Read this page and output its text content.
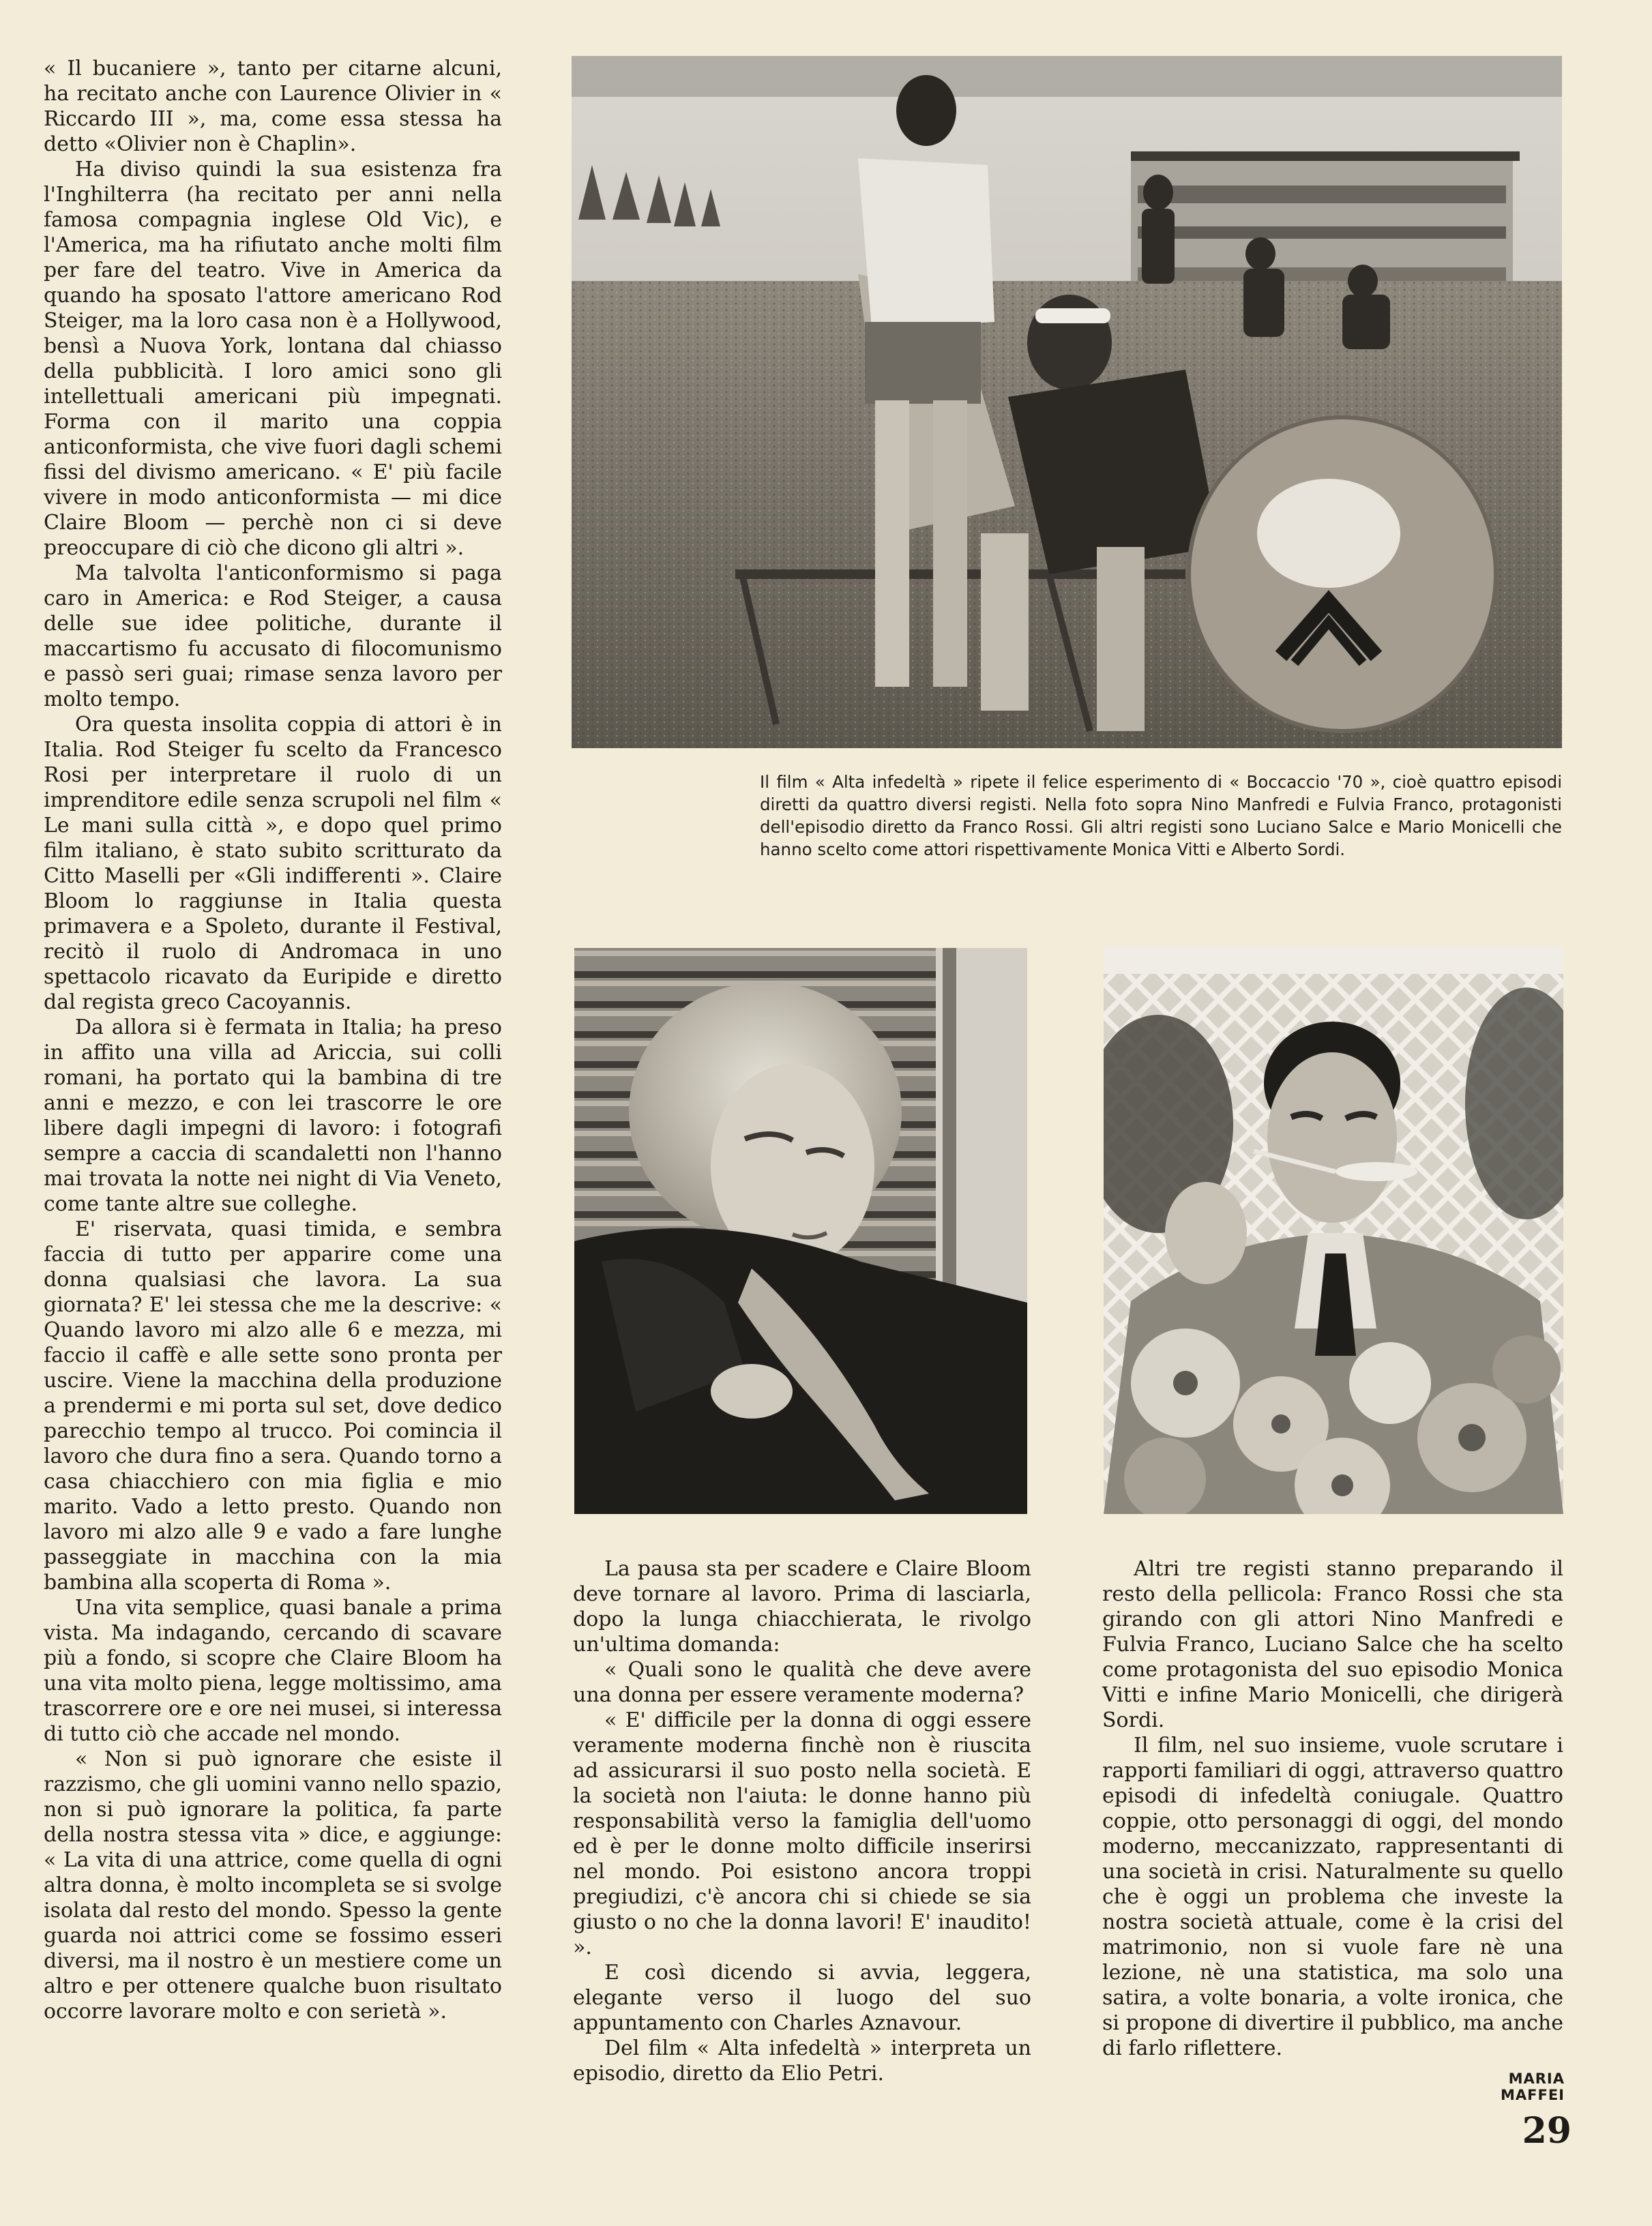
« Il bucaniere », tanto per citarne alcuni, ha recitato anche con Laurence Olivier in « Riccardo III », ma, come essa stessa ha detto «Olivier non è Chaplin».

Ha diviso quindi la sua esistenza fra l'Inghilterra (ha recitato per anni nella famosa compagnia inglese Old Vic), e l'America, ma ha rifiutato anche molti film per fare del teatro. Vive in America da quando ha sposato l'attore americano Rod Steiger, ma la loro casa non è a Hollywood, bensì a Nuova York, lontana dal chiasso della pubblicità. I loro amici sono gli intellettuali americani più impegnati. Forma con il marito una coppia anticonformista, che vive fuori dagli schemi fissi del divismo americano. « E' più facile vivere in modo anticonformista — mi dice Claire Bloom — perchè non ci si deve preoccupare di ciò che dicono gli altri ».

Ma talvolta l'anticonformismo si paga caro in America: e Rod Steiger, a causa delle sue idee politiche, durante il maccartismo fu accusato di filocomunismo e passò seri guai; rimase senza lavoro per molto tempo.

Ora questa insolita coppia di attori è in Italia. Rod Steiger fu scelto da Francesco Rosi per interpretare il ruolo di un imprenditore edile senza scrupoli nel film « Le mani sulla città », e dopo quel primo film italiano, è stato subito scritturato da Citto Maselli per «Gli indifferenti ». Claire Bloom lo raggiunse in Italia questa primavera e a Spoleto, durante il Festival, recitò il ruolo di Andromaca in uno spettacolo ricavato da Euripide e diretto dal regista greco Cacoyannis.

Da allora si è fermata in Italia; ha preso in affito una villa ad Ariccia, sui colli romani, ha portato qui la bambina di tre anni e mezzo, e con lei trascorre le ore libere dagli impegni di lavoro: i fotografi sempre a caccia di scandaletti non l'hanno mai trovata la notte nei night di Via Veneto, come tante altre sue colleghe.

E' riservata, quasi timida, e sembra faccia di tutto per apparire come una donna qualsiasi che lavora. La sua giornata? E' lei stessa che me la descrive: « Quando lavoro mi alzo alle 6 e mezza, mi faccio il caffè e alle sette sono pronta per uscire. Viene la macchina della produzione a prendermi e mi porta sul set, dove dedico parecchio tempo al trucco. Poi comincia il lavoro che dura fino a sera. Quando torno a casa chiacchiero con mia figlia e mio marito. Vado a letto presto. Quando non lavoro mi alzo alle 9 e vado a fare lunghe passeggiate in macchina con la mia bambina alla scoperta di Roma ».

Una vita semplice, quasi banale a prima vista. Ma indagando, cercando di scavare più a fondo, si scopre che Claire Bloom ha una vita molto piena, legge moltissimo, ama trascorrere ore e ore nei musei, si interessa di tutto ciò che accade nel mondo.

« Non si può ignorare che esiste il razzismo, che gli uomini vanno nello spazio, non si può ignorare la politica, fa parte della nostra stessa vita » dice, e aggiunge: « La vita di una attrice, come quella di ogni altra donna, è molto incompleta se si svolge isolata dal resto del mondo. Spesso la gente guarda noi attrici come se fossimo esseri diversi, ma il nostro è un mestiere come un altro e per ottenere qualche buon risultato occorre lavorare molto e con serietà ».

Il film « Alta infedeltà » ripete il felice esperimento di « Boccaccio '70 », cioè quattro episodi diretti da quattro diversi registi. Nella foto sopra Nino Manfredi e Fulvia Franco, protagonisti dell'episodio diretto da Franco Rossi. Gli altri registi sono Luciano Salce e Mario Monicelli che hanno scelto come attori rispettivamente Monica Vitti e Alberto Sordi.

La pausa sta per scadere e Claire Bloom deve tornare al lavoro. Prima di lasciarla, dopo la lunga chiacchierata, le rivolgo un'ultima domanda:

« Quali sono le qualità che deve avere una donna per essere veramente moderna?

« E' difficile per la donna di oggi essere veramente moderna finchè non è riuscita ad assicurarsi il suo posto nella società. E la società non l'aiuta: le donne hanno più responsabilità verso la famiglia dell'uomo ed è per le donne molto difficile inserirsi nel mondo. Poi esistono ancora troppi pregiudizi, c'è ancora chi si chiede se sia giusto o no che la donna lavori! E' inaudito! ».

E così dicendo si avvia, leggera, elegante verso il luogo del suo appuntamento con Charles Aznavour.

Del film « Alta infedeltà » interpreta un episodio, diretto da Elio Petri.

Altri tre registi stanno preparando il resto della pellicola: Franco Rossi che sta girando con gli attori Nino Manfredi e Fulvia Franco, Luciano Salce che ha scelto come protagonista del suo episodio Monica Vitti e infine Mario Monicelli, che dirigerà Sordi.

Il film, nel suo insieme, vuole scrutare i rapporti familiari di oggi, attraverso quattro episodi di infedeltà coniugale. Quattro coppie, otto personaggi di oggi, del mondo moderno, meccanizzato, rappresentanti di una società in crisi. Naturalmente su quello che è oggi un problema che investe la nostra società attuale, come è la crisi del matrimonio, non si vuole fare nè una lezione, nè una statistica, ma solo una satira, a volte bonaria, a volte ironica, che si propone di divertire il pubblico, ma anche di farlo riflettere.

MARIA MAFFEI
29
